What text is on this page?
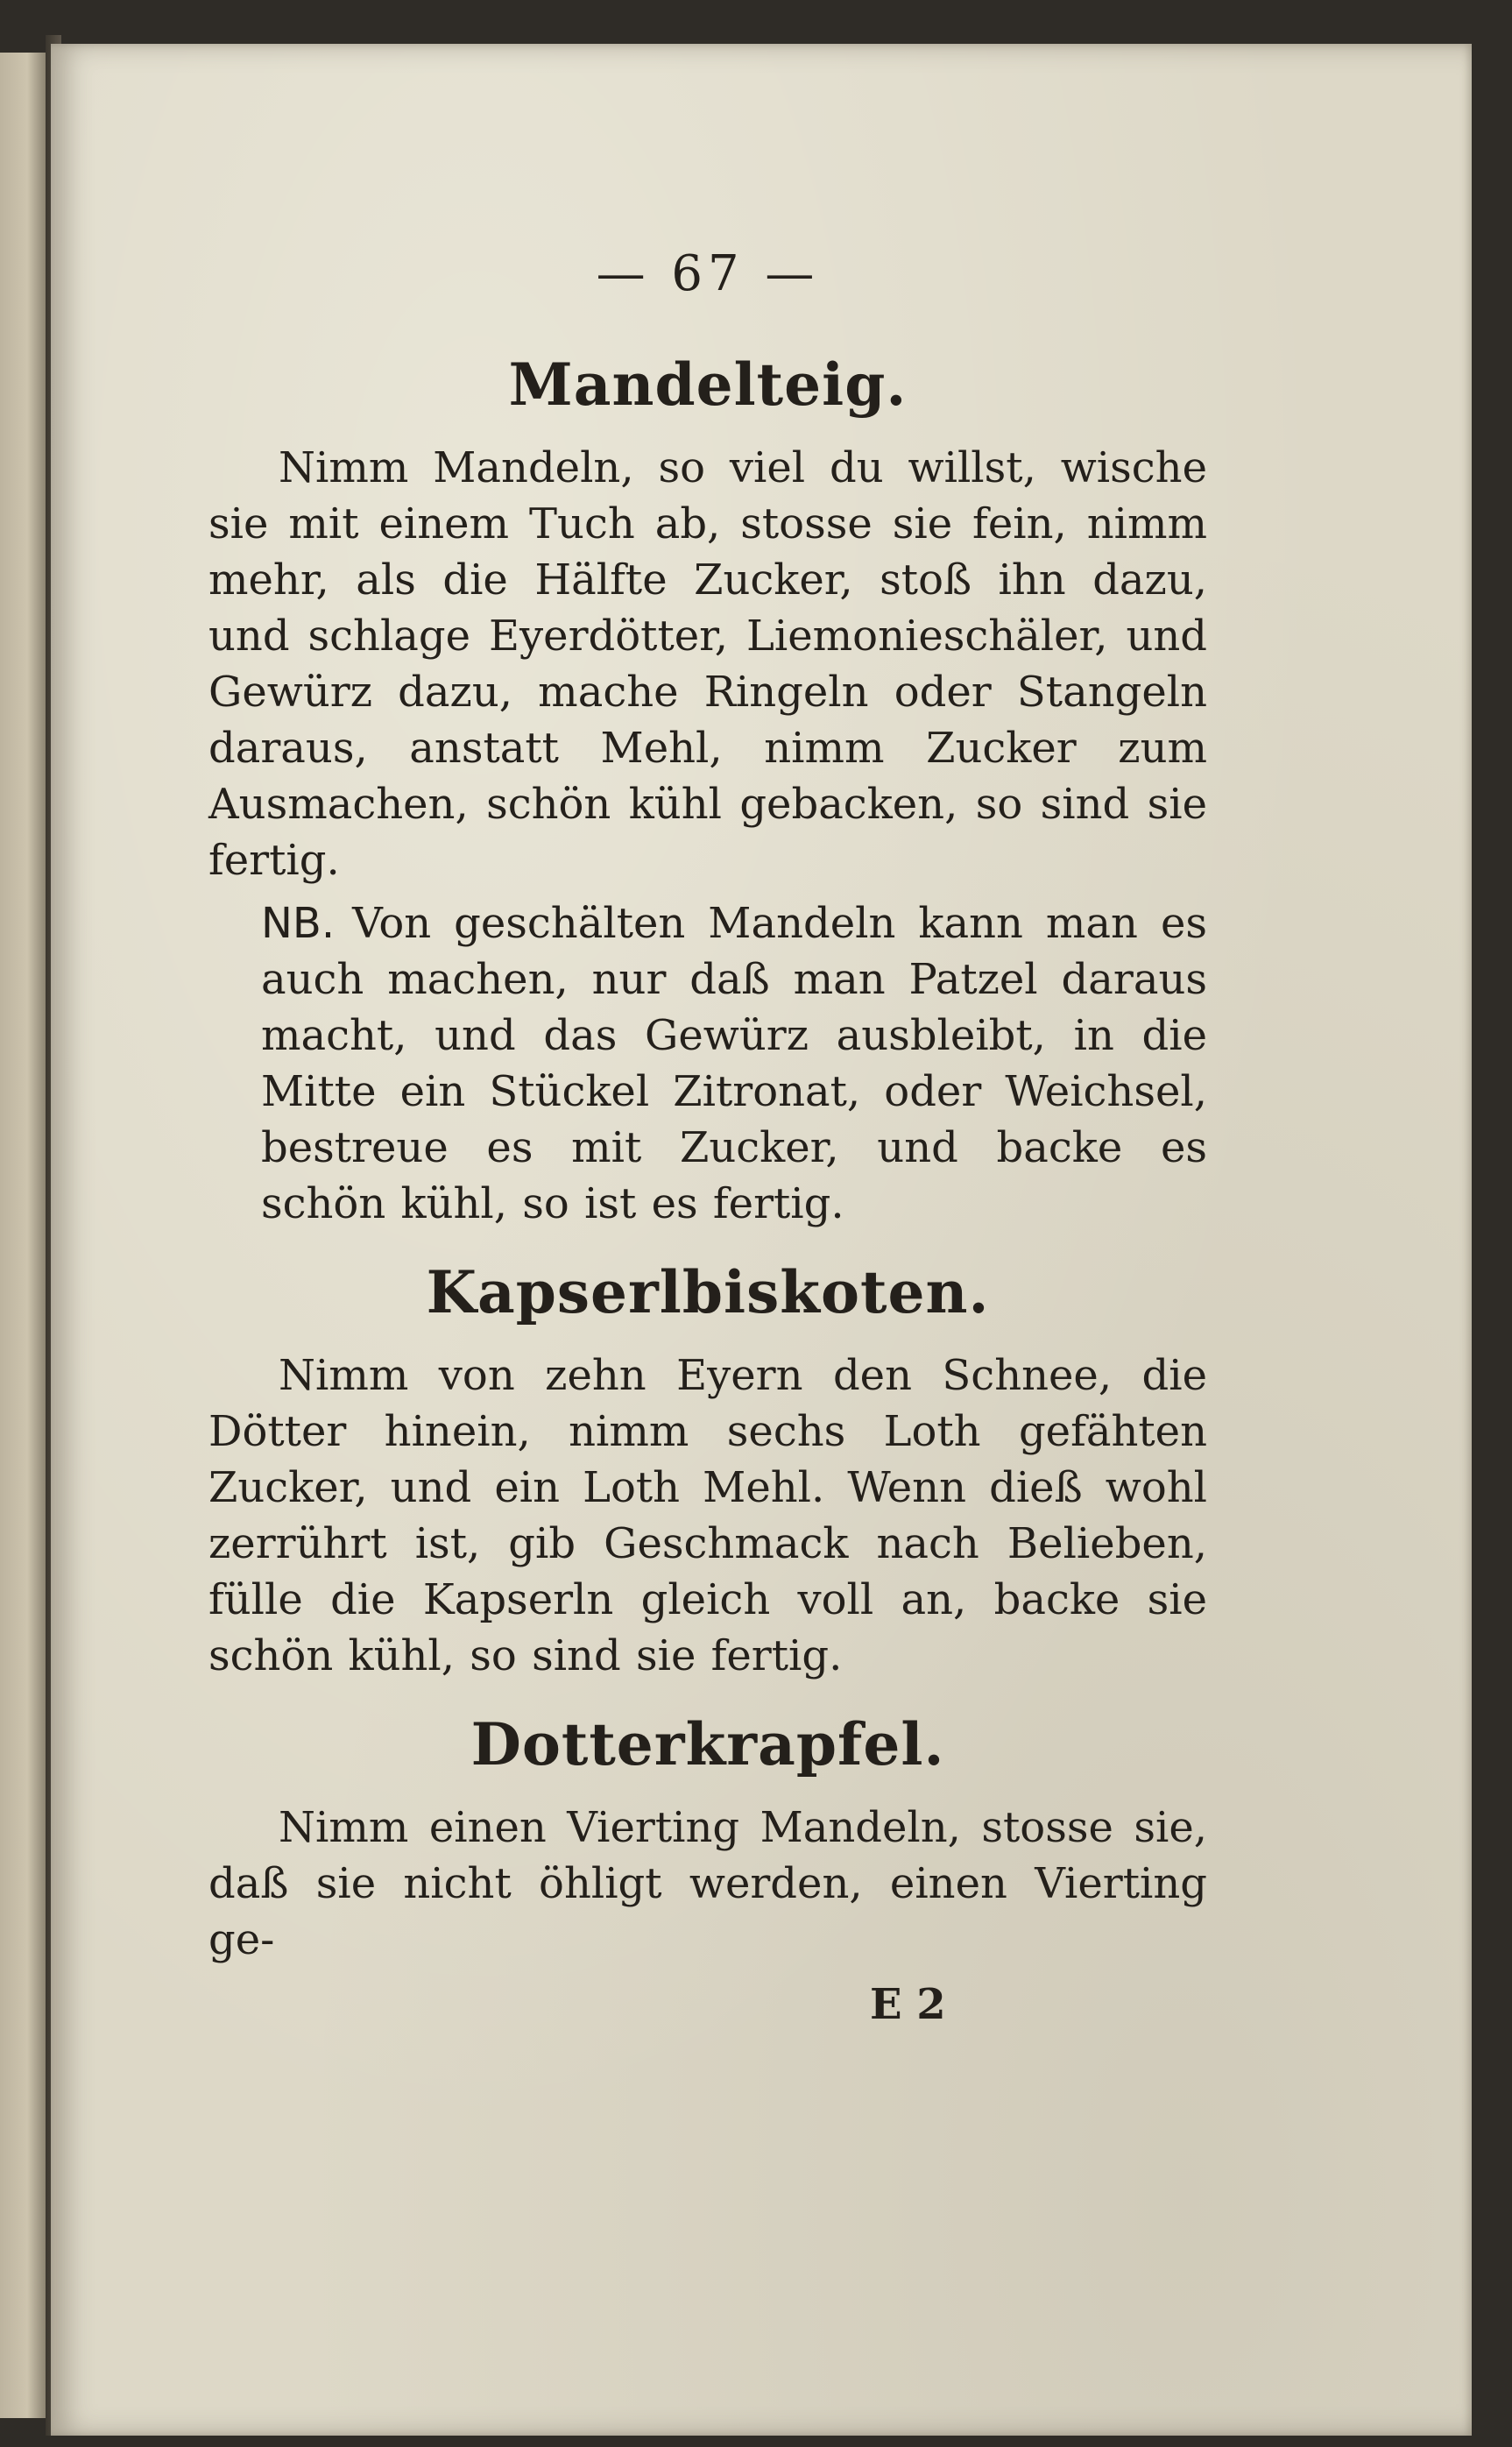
— 67 —
Mandelteig.

Nimm Mandeln, so viel du willst, wische sie mit einem Tuch ab, stosse sie fein, nimm mehr, als die Hälfte Zucker, stoß ihn dazu, und schlage Eyerdötter, Liemonieschäler, und Gewürz dazu, mache Ringeln oder Stangeln daraus, anstatt Mehl, nimm Zucker zum Ausmachen, schön kühl gebacken, so sind sie fertig.

NB. Von geschälten Mandeln kann man es auch machen, nur daß man Patzel daraus macht, und das Gewürz ausbleibt, in die Mitte ein Stückel Zitronat, oder Weichsel, bestreue es mit Zucker, und backe es schön kühl, so ist es fertig.

Kapserlbiskoten.

Nimm von zehn Eyern den Schnee, die Dötter hinein, nimm sechs Loth gefähten Zucker, und ein Loth Mehl. Wenn dieß wohl zerrührt ist, gib Geschmack nach Belieben, fülle die Kapserln gleich voll an, backe sie schön kühl, so sind sie fertig.

Dotterkrapfel.

Nimm einen Vierting Mandeln, stosse sie, daß sie nicht öhligt werden, einen Vierting ge-

E 2
